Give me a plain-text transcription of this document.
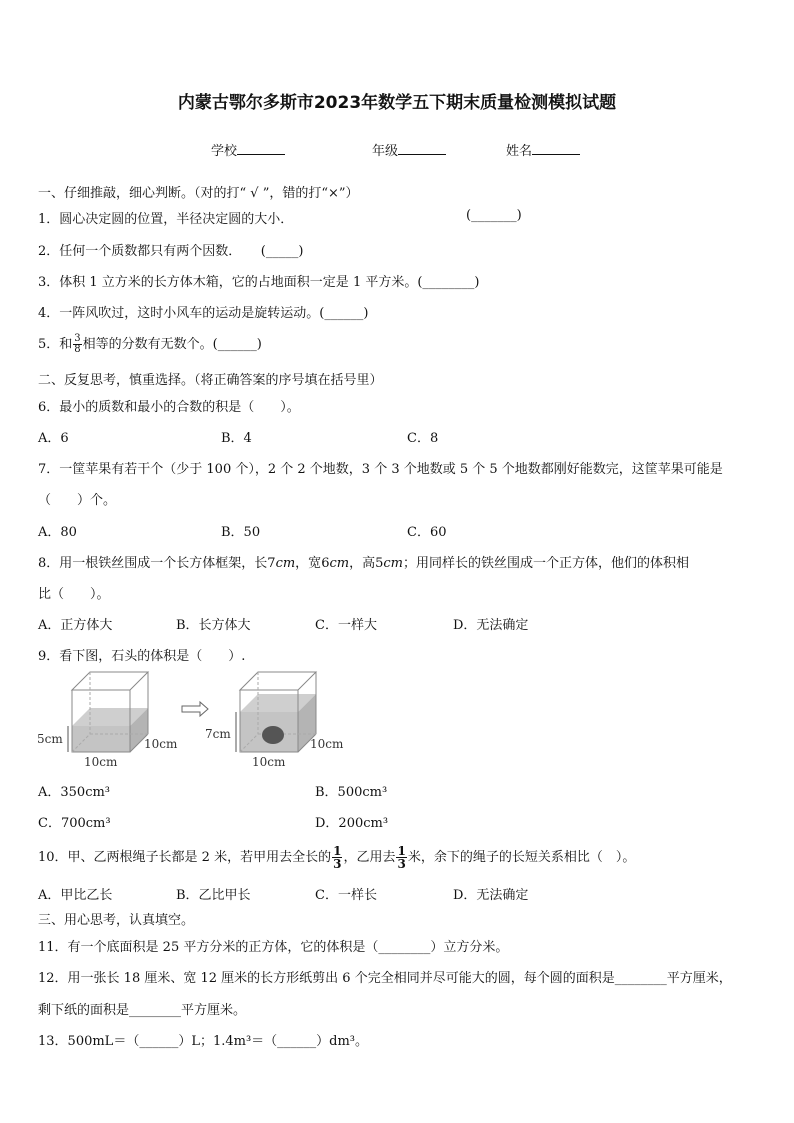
内蒙古鄂尔多斯市2023年数学五下期末质量检测模拟试题
学校	年级	姓名
一、仔细推敲，细心判断。（对的打“ √ ”，错的打“×”）
1．圆心决定圆的位置，半径决定圆的大小．	(_______)
2．任何一个质数都只有两个因数．　　(_____)
3．体积 1 立方米的长方体木箱，它的占地面积一定是 1 平方米。(________)
4．一阵风吹过，这时小风车的运动是旋转运动。(______)
5．和 $\frac{3}{8}$ 相等的分数有无数个。(______)
二、反复思考，慎重选择。（将正确答案的序号填在括号里）
6．最小的质数和最小的合数的积是（　　）。
A．6	B．4	C．8
7．一筐苹果有若干个（少于 100 个），2 个 2 个地数，3 个 3 个地数或 5 个 5 个地数都刚好能数完，这筐苹果可能是
（　　）个。
A．80	B．50	C．60
8．用一根铁丝围成一个长方体框架，长7cm，宽6cm，高5cm；用同样长的铁丝围成一个正方体，他们的体积相
比（　　）。
A．正方体大	B．长方体大	C．一样大	D．无法确定
9．看下图，石头的体积是（　　）.
5cm	10cm
10cm
7cm
10cm
10cm
A．350cm³	B．500cm³
C．700cm³	D．200cm³
10．甲、乙两根绳子长都是 2 米，若甲用去全长的 $\frac{1}{3}$ ，乙用去 $\frac{1}{3}$ 米，余下的绳子的长短关系相比（　）。
A．甲比乙长	B．乙比甲长	C．一样长	D．无法确定
三、用心思考，认真填空。
11．有一个底面积是 25 平方分米的正方体，它的体积是（________）立方分米。
12．用一张长 18 厘米、宽 12 厘米的长方形纸剪出 6 个完全相同并尽可能大的圆，每个圆的面积是________平方厘米，
剩下纸的面积是________平方厘米。
13．500mL＝（______）L；1.4m³＝（______）dm³。
